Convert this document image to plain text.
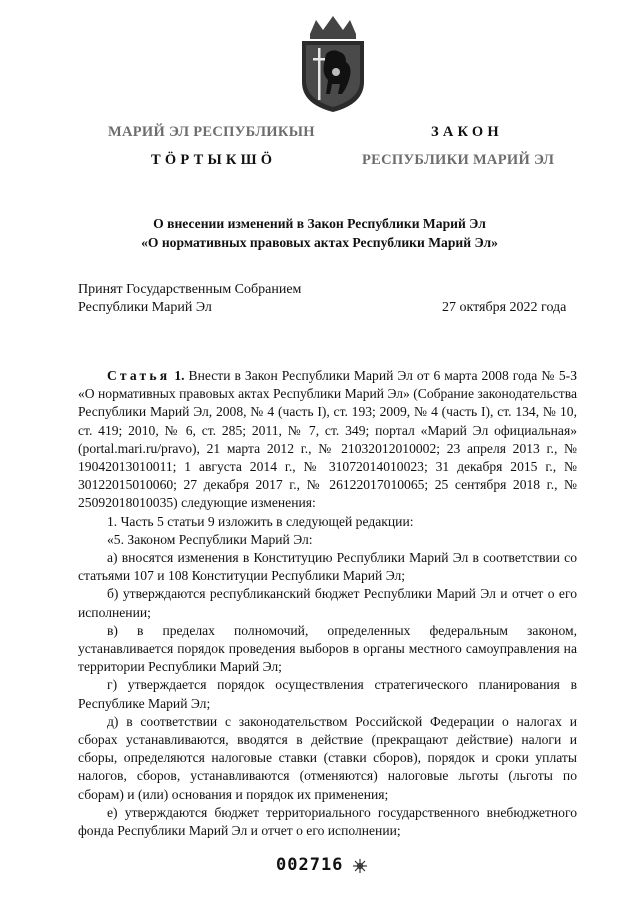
МАРИЙ ЭЛ РЕСПУБЛИКЫН
ТӦРТЫКШӦ
ЗАКОН
РЕСПУБЛИКИ МАРИЙ ЭЛ
О внесении изменений в Закон Республики Марий Эл
«О нормативных правовых актах Республики Марий Эл»
Принят Государственным Собранием
Республики Марий Эл	27 октября 2022 года

Статья 1. Внести в Закон Республики Марий Эл от 6 марта 2008 года № 5-З «О нормативных правовых актах Республики Марий Эл» (Собрание законодательства Республики Марий Эл, 2008, № 4 (часть I), ст. 193; 2009, № 4 (часть I), ст. 134, № 10, ст. 419; 2010, № 6, ст. 285; 2011, № 7, ст. 349; портал «Марий Эл официальная» (portal.mari.ru/pravo), 21 марта 2012 г., № 21032012010002; 23 апреля 2013 г., № 19042013010011; 1 августа 2014 г., № 31072014010023; 31 декабря 2015 г., № 30122015010060; 27 декабря 2017 г., № 26122017010065; 25 сентября 2018 г., № 25092018010035) следующие изменения:

1. Часть 5 статьи 9 изложить в следующей редакции:

«5. Законом Республики Марий Эл:

а) вносятся изменения в Конституцию Республики Марий Эл в соответствии со статьями 107 и 108 Конституции Республики Марий Эл;

б) утверждаются республиканский бюджет Республики Марий Эл и отчет о его исполнении;

в) в пределах полномочий, определенных федеральным законом, устанавливается порядок проведения выборов в органы местного самоуправления на территории Республики Марий Эл;

г) утверждается порядок осуществления стратегического планирования в Республике Марий Эл;

д) в соответствии с законодательством Российской Федерации о налогах и сборах устанавливаются, вводятся в действие (прекращают действие) налоги и сборы, определяются налоговые ставки (ставки сборов), порядок и сроки уплаты налогов, сборов, устанавливаются (отменяются) налоговые льготы (льготы по сборам) и (или) основания и порядок их применения;

е) утверждаются бюджет территориального государственного внебюджетного фонда Республики Марий Эл и отчет о его исполнении;

002716
